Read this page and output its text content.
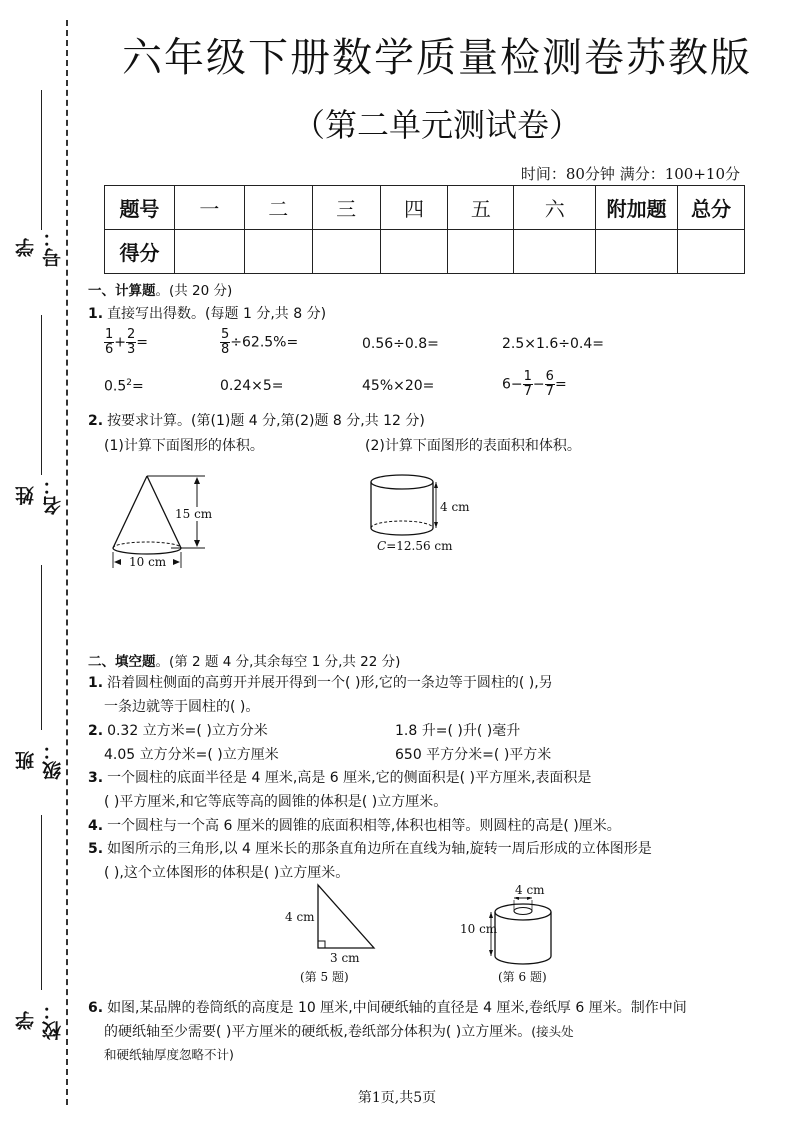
学号：
姓名：
班级：
学校：
六年级下册数学质量检测卷苏教版
（第二单元测试卷）
时间：80分钟 满分：100+10分
题号	一	二	三	四	五	六	附加题	总分
得分								
一、计算题。(共 20 分)
1. 直接写出得数。(每题 1 分,共 8 分)
$\frac{1}{6} + \frac{2}{3}$ =	$\frac{5}{8} \div 62.5\%=$	0.56÷0.8=	2.5×1.6÷0.4=
$0.5^2=$	0.24×5=	45%×20=	$6- \frac{1}{7} - \frac{6}{7}$ =
2. 按要求计算。(第(1)题 4 分,第(2)题 8 分,共 12 分)
(1)计算下面图形的体积。	(2)计算下面图形的表面积和体积。
15 cm
10 cm
4 cm
C=12.56 cm
二、填空题。(第 2 题 4 分,其余每空 1 分,共 22 分)
1. 沿着圆柱侧面的高剪开并展开得到一个( )形,它的一条边等于圆柱的( ),另
一条边就等于圆柱的( )。
2. 0.32 立方米=( )立方分米	1.8 升=( )升( )毫升
4.05 立方分米=( )立方厘米	650 平方分米=( )平方米
3. 一个圆柱的底面半径是 4 厘米,高是 6 厘米,它的侧面积是( )平方厘米,表面积是
( )平方厘米,和它等底等高的圆锥的体积是( )立方厘米。
4. 一个圆柱与一个高 6 厘米的圆锥的底面积相等,体积也相等。则圆柱的高是( )厘米。
5. 如图所示的三角形,以 4 厘米长的那条直角边所在直线为轴,旋转一周后形成的立体图形是
( ),这个立体图形的体积是( )立方厘米。
4 cm
3 cm
(第 5 题)
4 cm
10 cm
(第 6 题)
6. 如图,某品牌的卷筒纸的高度是 10 厘米,中间硬纸轴的直径是 4 厘米,卷纸厚 6 厘米。制作中间
的硬纸轴至少需要( )平方厘米的硬纸板,卷纸部分体积为( )立方厘米。(接头处
和硬纸轴厚度忽略不计)
第1页,共5页
